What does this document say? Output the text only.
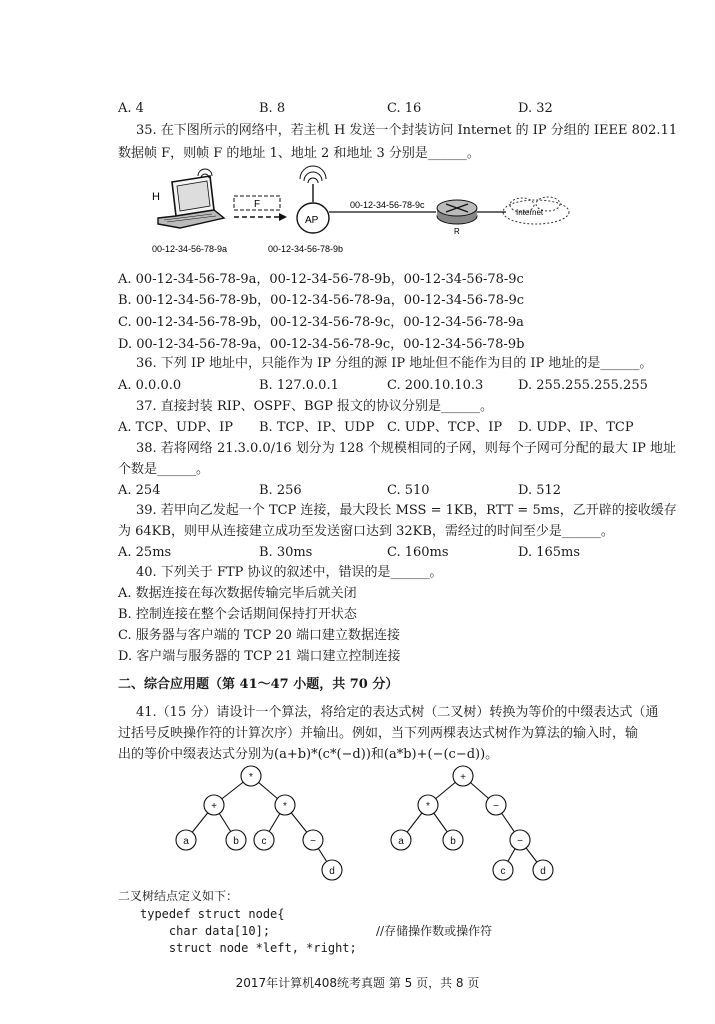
A. 4	B. 8	C. 16	D. 32
35. 在下图所示的网络中，若主机 H 发送一个封装访问 Internet 的 IP 分组的 IEEE 802.11
数据帧 F，则帧 F 的地址 1、地址 2 和地址 3 分别是______。
H
F
AP
00-12-34-56-78-9c
R
Internet
00-12-34-56-78-9a	00-12-34-56-78-9b
A. 00-12-34-56-78-9a，00-12-34-56-78-9b，00-12-34-56-78-9c
B. 00-12-34-56-78-9b，00-12-34-56-78-9a，00-12-34-56-78-9c
C. 00-12-34-56-78-9b，00-12-34-56-78-9c，00-12-34-56-78-9a
D. 00-12-34-56-78-9a，00-12-34-56-78-9c，00-12-34-56-78-9b
36. 下列 IP 地址中，只能作为 IP 分组的源 IP 地址但不能作为目的 IP 地址的是______。
A. 0.0.0.0	B. 127.0.0.1	C. 200.10.10.3	D. 255.255.255.255
37. 直接封装 RIP、OSPF、BGP 报文的协议分别是______。
A. TCP、UDP、IP B. TCP、IP、UDP C. UDP、TCP、IP D. UDP、IP、TCP
38. 若将网络 21.3.0.0/16 划分为 128 个规模相同的子网，则每个子网可分配的最大 IP 地址
个数是______。
A. 254	B. 256	C. 510	D. 512
39. 若甲向乙发起一个 TCP 连接，最大段长 MSS = 1KB，RTT = 5ms，乙开辟的接收缓存
为 64KB，则甲从连接建立成功至发送窗口达到 32KB，需经过的时间至少是______。
A. 25ms	B. 30ms	C. 160ms	D. 165ms
40. 下列关于 FTP 协议的叙述中，错误的是______。
A. 数据连接在每次数据传输完毕后就关闭
B. 控制连接在整个会话期间保持打开状态
C. 服务器与客户端的 TCP 20 端口建立数据连接
D. 客户端与服务器的 TCP 21 端口建立控制连接
二、综合应用题（第 41～47 小题，共 70 分）
41.（15 分）请设计一个算法，将给定的表达式树（二叉树）转换为等价的中缀表达式（通
过括号反映操作符的计算次序）并输出。例如，当下列两棵表达式树作为算法的输入时，输
出的等价中缀表达式分别为(a+b)*(c*(−d))和(a*b)+(−(c−d))。
*
+	*
a	b c	−
d
+
*	−
a	b	−
c	d
二叉树结点定义如下：
typedef struct node{
char data[10];	//存储操作数或操作符
struct node *left, *right;
2017年计算机408统考真题 第 5 页，共 8 页
